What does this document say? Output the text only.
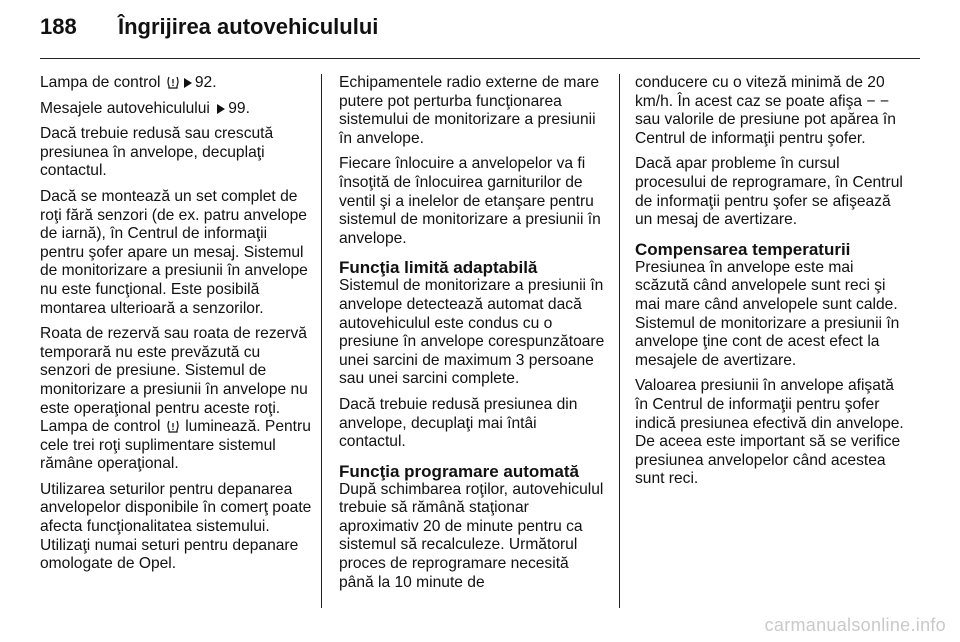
188	Îngrijirea autovehiculului

Lampa de control 92.

Mesajele autovehiculului 99.

Dacă trebuie redusă sau crescută presiunea în anvelope, decuplaţi contactul.

Dacă se montează un set complet de roţi fără senzori (de ex. patru anvelope de iarnă), în Centrul de informaţii pentru şofer apare un mesaj. Sistemul de monitorizare a presiunii în anvelope nu este funcţional. Este posibilă montarea ulterioară a senzorilor.

Roata de rezervă sau roata de rezervă temporară nu este prevăzută cu senzori de presiune. Sistemul de monitorizare a presiunii în anvelope nu este operaţional pentru aceste roţi. Lampa de control luminează. Pentru cele trei roţi suplimentare sistemul rămâne operaţional.

Utilizarea seturilor pentru depanarea anvelopelor disponibile în comerţ poate afecta funcţionalitatea sistemului. Utilizaţi numai seturi pentru depanare omologate de Opel.

Echipamentele radio externe de mare putere pot perturba funcţionarea sistemului de monitorizare a presiunii în anvelope.

Fiecare înlocuire a anvelopelor va fi însoţită de înlocuirea garniturilor de ventil şi a inelelor de etanşare pentru sistemul de monitorizare a presiunii în anvelope.

Funcţia limită adaptabilă

Sistemul de monitorizare a presiunii în anvelope detectează automat dacă autovehiculul este condus cu o presiune în anvelope corespunzătoare unei sarcini de maximum 3 persoane sau unei sarcini complete.

Dacă trebuie redusă presiunea din anvelope, decuplaţi mai întâi contactul.

Funcţia programare automată

După schimbarea roţilor, autovehiculul trebuie să rămână staţionar aproximativ 20 de minute pentru ca sistemul să recalculeze. Următorul proces de reprogramare necesită până la 10 minute de

conducere cu o viteză minimă de 20 km/h. În acest caz se poate afişa − − sau valorile de presiune pot apărea în Centrul de informaţii pentru şofer.

Dacă apar probleme în cursul procesului de reprogramare, în Centrul de informaţii pentru şofer se afişează un mesaj de avertizare.

Compensarea temperaturii

Presiunea în anvelope este mai scăzută când anvelopele sunt reci şi mai mare când anvelopele sunt calde. Sistemul de monitorizare a presiunii în anvelope ţine cont de acest efect la mesajele de avertizare.

Valoarea presiunii în anvelope afişată în Centrul de informaţii pentru şofer indică presiunea efectivă din anvelope. De aceea este important să se verifice presiunea anvelopelor când acestea sunt reci.

carmanualsonline.info
